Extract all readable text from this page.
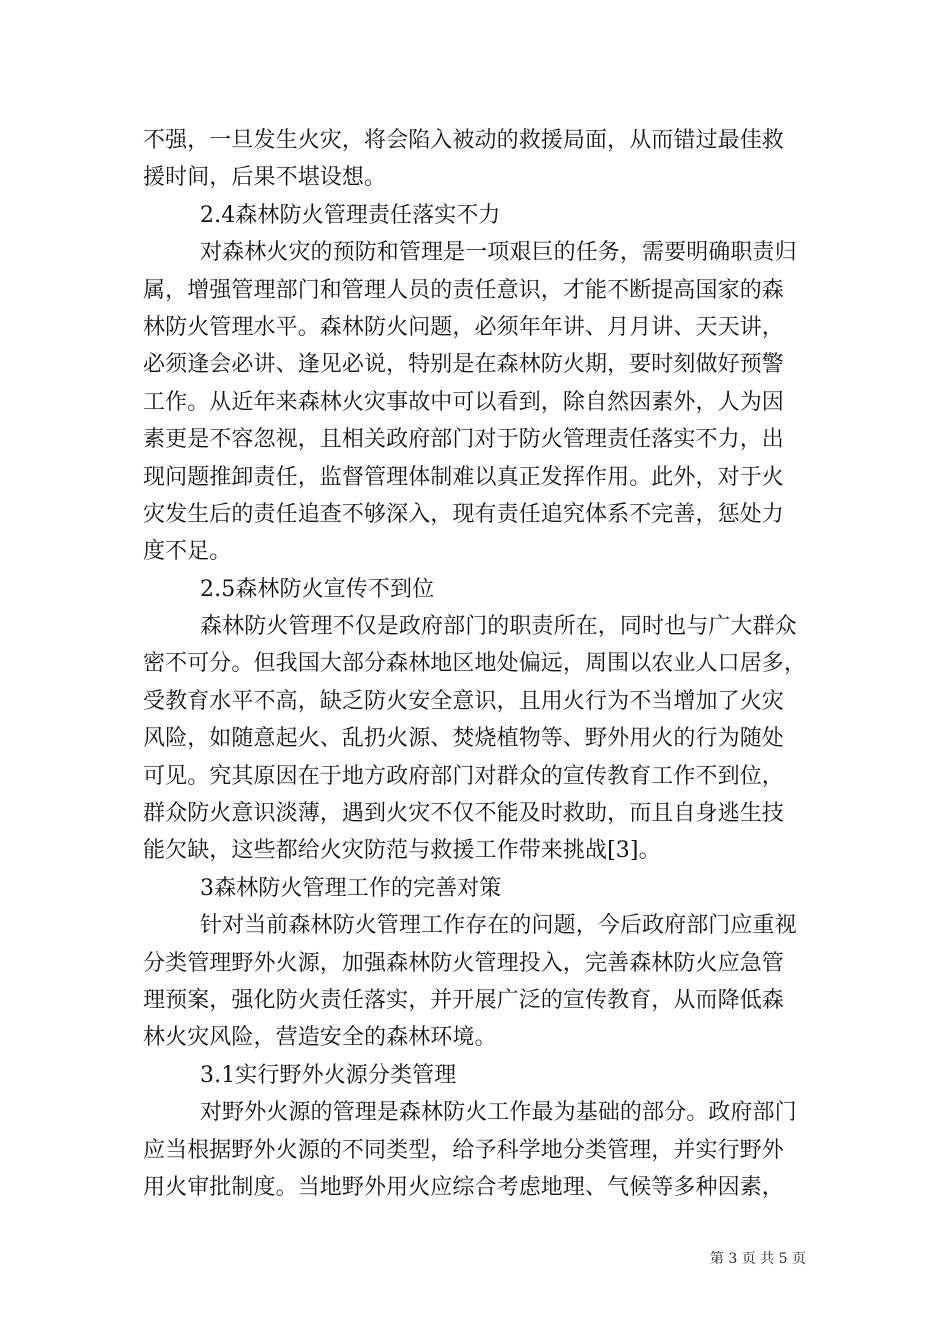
不强，一旦发生火灾，将会陷入被动的救援局面，从而错过最佳救
援时间，后果不堪设想。
2.4森林防火管理责任落实不力
对森林火灾的预防和管理是一项艰巨的任务，需要明确职责归
属，增强管理部门和管理人员的责任意识，才能不断提高国家的森
林防火管理水平。森林防火问题，必须年年讲、月月讲、天天讲，
必须逢会必讲、逢见必说，特别是在森林防火期，要时刻做好预警
工作。从近年来森林火灾事故中可以看到，除自然因素外，人为因
素更是不容忽视，且相关政府部门对于防火管理责任落实不力，出
现问题推卸责任，监督管理体制难以真正发挥作用。此外，对于火
灾发生后的责任追查不够深入，现有责任追究体系不完善，惩处力
度不足。
2.5森林防火宣传不到位
森林防火管理不仅是政府部门的职责所在，同时也与广大群众
密不可分。但我国大部分森林地区地处偏远，周围以农业人口居多，
受教育水平不高，缺乏防火安全意识，且用火行为不当增加了火灾
风险，如随意起火、乱扔火源、焚烧植物等、野外用火的行为随处
可见。究其原因在于地方政府部门对群众的宣传教育工作不到位，
群众防火意识淡薄，遇到火灾不仅不能及时救助，而且自身逃生技
能欠缺，这些都给火灾防范与救援工作带来挑战[3]。
3森林防火管理工作的完善对策
针对当前森林防火管理工作存在的问题，今后政府部门应重视
分类管理野外火源，加强森林防火管理投入，完善森林防火应急管
理预案，强化防火责任落实，并开展广泛的宣传教育，从而降低森
林火灾风险，营造安全的森林环境。
3.1实行野外火源分类管理
对野外火源的管理是森林防火工作最为基础的部分。政府部门
应当根据野外火源的不同类型，给予科学地分类管理，并实行野外
用火审批制度。当地野外用火应综合考虑地理、气候等多种因素，
第 3 页 共 5 页
